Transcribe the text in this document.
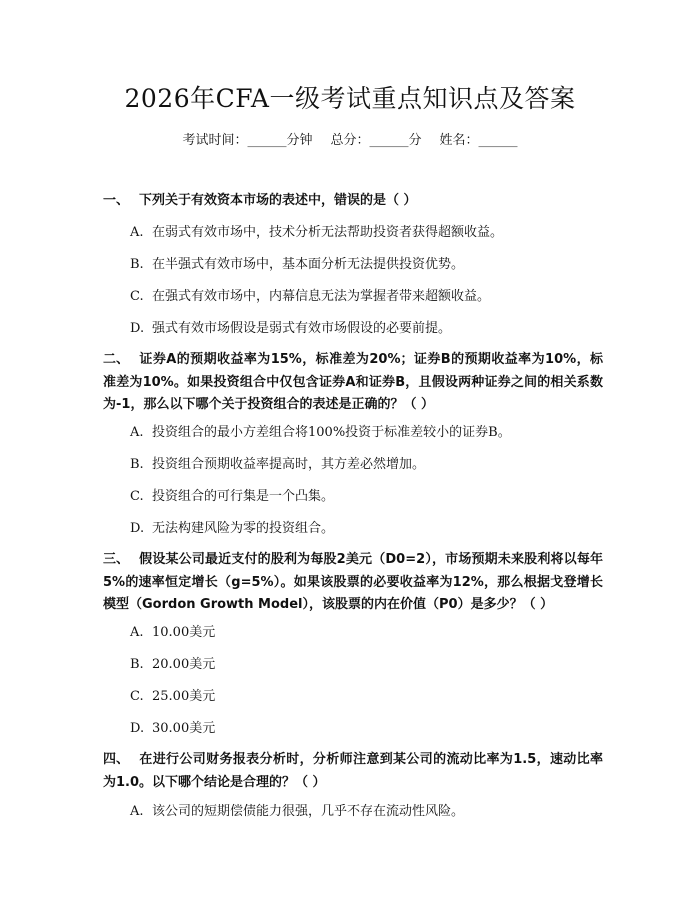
2026年CFA一级考试重点知识点及答案
考试时间：______分钟 总分：______分 姓名：______
一、 下列关于有效资本市场的表述中，错误的是（ ）
A. 在弱式有效市场中，技术分析无法帮助投资者获得超额收益。
B. 在半强式有效市场中，基本面分析无法提供投资优势。
C. 在强式有效市场中，内幕信息无法为掌握者带来超额收益。
D. 强式有效市场假设是弱式有效市场假设的必要前提。
二、 证券A的预期收益率为15%，标准差为20%；证券B的预期收益率为10%，标准差为10%。如果投资组合中仅包含证券A和证券B，且假设两种证券之间的相关系数为-1，那么以下哪个关于投资组合的表述是正确的？（ ）
A. 投资组合的最小方差组合将100%投资于标准差较小的证券B。
B. 投资组合预期收益率提高时，其方差必然增加。
C. 投资组合的可行集是一个凸集。
D. 无法构建风险为零的投资组合。
三、 假设某公司最近支付的股利为每股2美元（D0=2），市场预期未来股利将以每年5%的速率恒定增长（g=5%）。如果该股票的必要收益率为12%，那么根据戈登增长模型（Gordon Growth Model），该股票的内在价值（P0）是多少？（ ）
A. 10.00美元
B. 20.00美元
C. 25.00美元
D. 30.00美元
四、 在进行公司财务报表分析时，分析师注意到某公司的流动比率为1.5，速动比率为1.0。以下哪个结论是合理的？（ ）
A. 该公司的短期偿债能力很强，几乎不存在流动性风险。
